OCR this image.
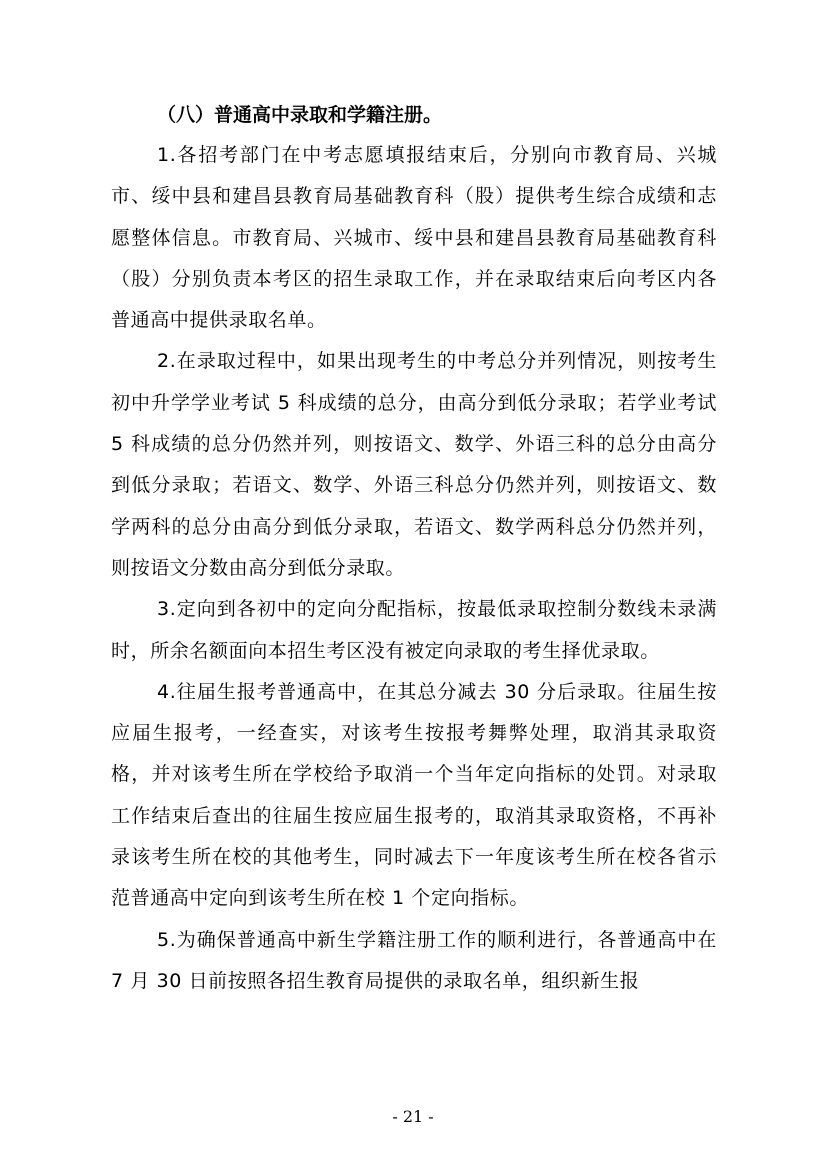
（八）普通高中录取和学籍注册。

1.各招考部门在中考志愿填报结束后，分别向市教育局、兴城市、绥中县和建昌县教育局基础教育科（股）提供考生综合成绩和志愿整体信息。市教育局、兴城市、绥中县和建昌县教育局基础教育科（股）分别负责本考区的招生录取工作，并在录取结束后向考区内各普通高中提供录取名单。

2.在录取过程中，如果出现考生的中考总分并列情况，则按考生初中升学学业考试 5 科成绩的总分，由高分到低分录取；若学业考试 5 科成绩的总分仍然并列，则按语文、数学、外语三科的总分由高分到低分录取；若语文、数学、外语三科总分仍然并列，则按语文、数学两科的总分由高分到低分录取，若语文、数学两科总分仍然并列，则按语文分数由高分到低分录取。

3.定向到各初中的定向分配指标，按最低录取控制分数线未录满时，所余名额面向本招生考区没有被定向录取的考生择优录取。

4.往届生报考普通高中，在其总分减去 30 分后录取。往届生按应届生报考，一经查实，对该考生按报考舞弊处理，取消其录取资格，并对该考生所在学校给予取消一个当年定向指标的处罚。对录取工作结束后查出的往届生按应届生报考的，取消其录取资格，不再补录该考生所在校的其他考生，同时减去下一年度该考生所在校各省示范普通高中定向到该考生所在校 1 个定向指标。

5.为确保普通高中新生学籍注册工作的顺利进行，各普通高中在 7 月 30 日前按照各招生教育局提供的录取名单，组织新生报

- 21 -
